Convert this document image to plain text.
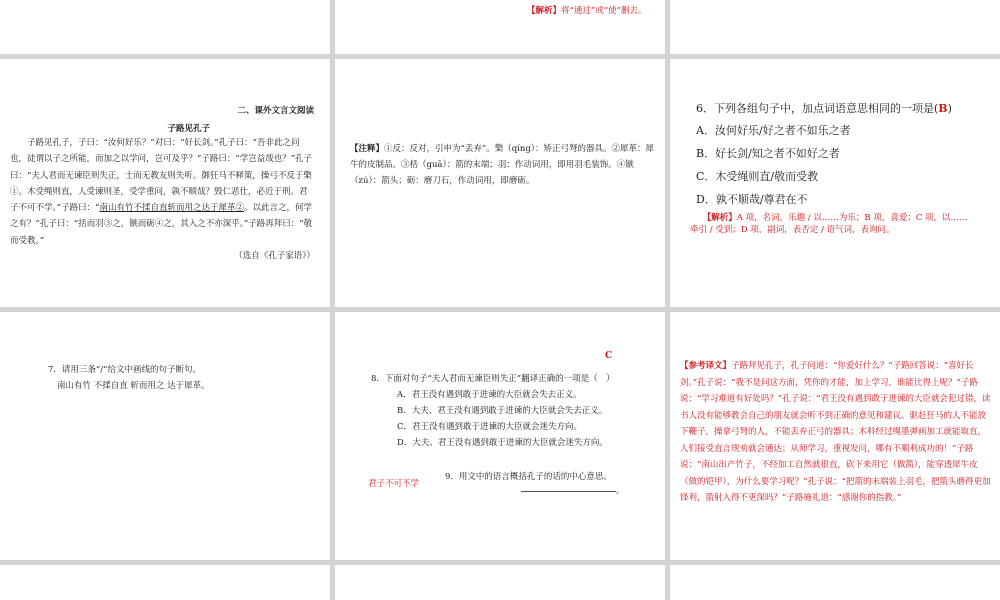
【解析】将“通过”或“使”删去。
二、课外文言文阅读
子路见孔子
子路见孔子，子曰：“汝何好乐？”对曰：“好长剑。”孔子曰：“吾非此之问也，徒谓以子之所能，而加之以学问，岂可及乎？”子路曰：“学岂益哉也？”孔子曰：“夫人君而无谏臣则失正，士而无教友则失听。御狂马不释策，操弓不反于檠①。木受绳则直，人受谏则圣，受学重问，孰不顺哉？毁仁恶仕，必近于刑。君子不可不学。”子路曰：“南山有竹不揉自直斩而用之达于犀革②。以此言之，何学之有？”孔子曰：“括而羽③之，镞而砺④之，其入之不亦深乎。”子路再拜曰：“敬而受教。”
（选自《孔子家语》）
【注释】①反：反对，引申为“丢弃”。檠（qíng）：矫正弓弩的器具。②犀革：犀牛的皮制品。③栝（guā）：箭的末端；羽：作动词用，即用羽毛装饰。④镞（zú）：箭头；砺：磨刀石，作动词用，即磨砺。
6．下列各组句子中，加点词语意思相同的一项是(B)
A．汝何好乐/好之者不如乐之者
B．好长剑/知之者不如好之者
C．木受绳则直/敬而受教
D．孰不顺哉/尊君在不
【解析】A 项，名词，乐趣 / 以……为乐；B 项，喜爱；C 项，以……牵引 / 受到；D 项，副词，表否定 / 语气词，表询问。
7．请用三条“/”给文中画线的句子断句。
南山有竹 不揉自直 斩而用之 达于犀革。
C
8．下面对句子“夫人君而无谏臣则失正”翻译正确的一项是（　）
A．君王没有遇到敢于进谏的大臣就会失去正义。
B．大夫、君王没有遇到敢于进谏的大臣就会失去正义。
C．君王没有遇到敢于进谏的大臣就会迷失方向。
D．大夫、君王没有遇到敢于进谏的大臣就会迷失方向。
君子不可不学
9．用文中的语言概括孔子的话的中心意思。
。
【参考译文】子路拜见孔子，孔子问道：“你爱好什么？”子路回答说：“喜好长剑。”孔子说：“我不是问这方面，凭你的才能，加上学习，谁能比得上呢？”子路说：“学习难道有好处吗？”孔子说：“君王没有遇到敢于进谏的大臣就会犯过错，读书人没有能够教会自己的朋友就会听不到正确的意见和建议。驱赶狂马的人不能放下鞭子，操拿弓弩的人，不能丢弃正弓的器具；木料经过绳墨弹画加工就能取直，人们接受直言规劝就会通达；从师学习，重视发问，哪有不顺利成功的！”子路说：“南山出产竹子，不经加工自然就很直，砍下来用它（做箭），能穿透犀牛皮（做的铠甲），为什么要学习呢？”孔子说：“把箭的末端装上羽毛，把箭头磨得更加锋利，箭射入得不更深吗？”子路施礼道：“感谢你的指教。”
